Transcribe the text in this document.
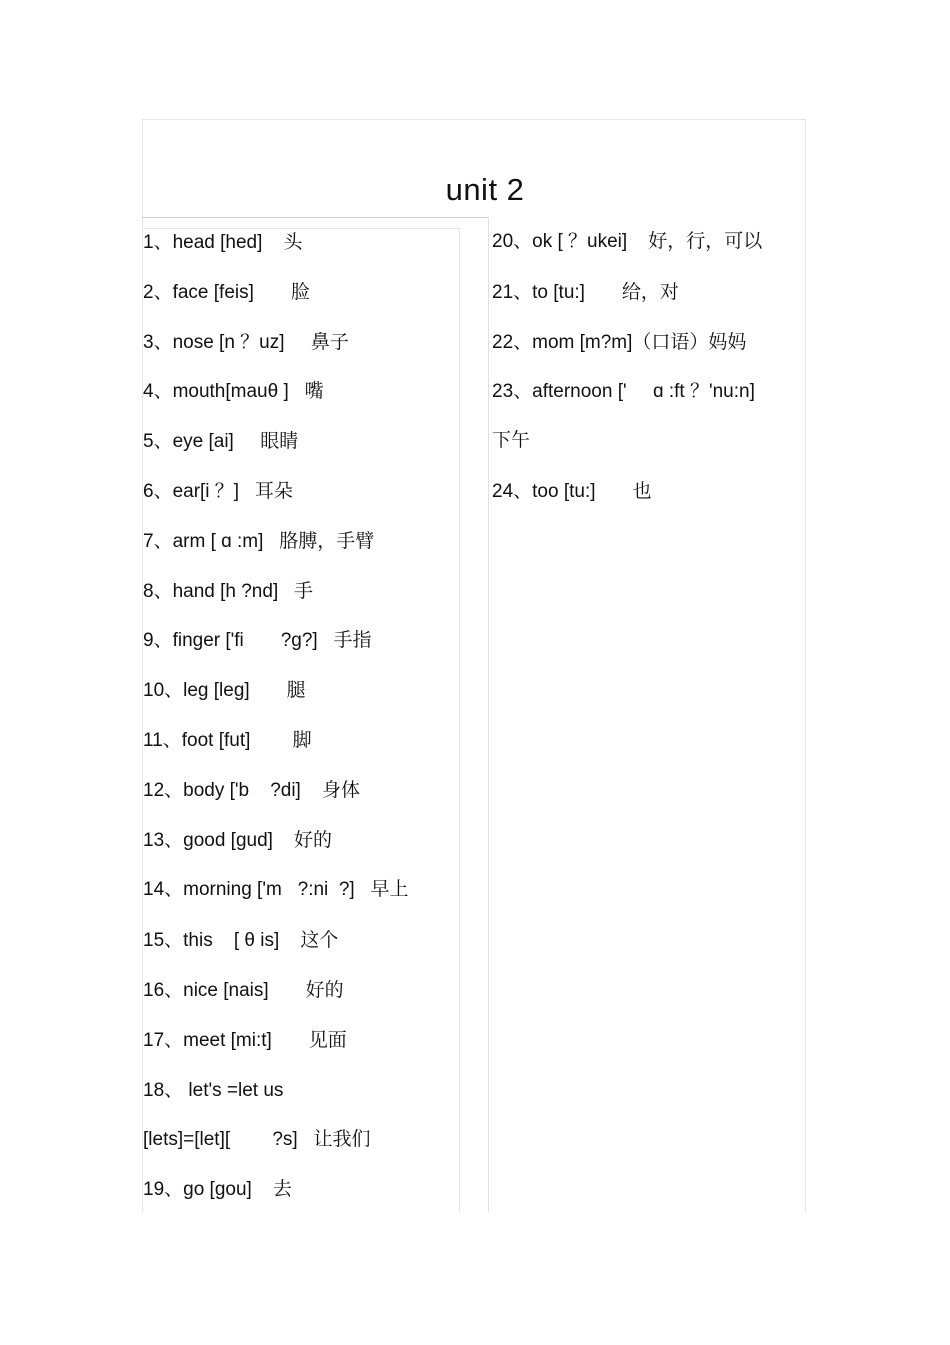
unit 2
1、head [hed]    头
2、face [feis]       脸
3、nose [n ？uz]     鼻子
4、mouth[mauθ ]   嘴
5、eye [ai]     眼睛
6、ear[i ？]   耳朵
7、arm [ ɑ :m]   胳膊，手臂
8、hand [h ?nd]   手
9、finger ['fi       ?g?]   手指
10、leg [leg]       腿
11、foot [fut]        脚
12、body ['b    ?di]    身体
13、good [gud]    好的
14、morning ['m   ?:ni  ?]   早上
15、this    [ θ is]    这个
16、nice [nais]       好的
17、meet [mi:t]       见面
18、 let's =let us
[lets]=[let][        ?s]   让我们
19、go [gou]    去
20、ok [ ？ukei]    好，行，可以
21、to [tu:]       给，对
22、mom [m?m]（口语）妈妈
23、afternoon ['     ɑ :ft ？'nu:n]
下午
24、too [tu:]       也
